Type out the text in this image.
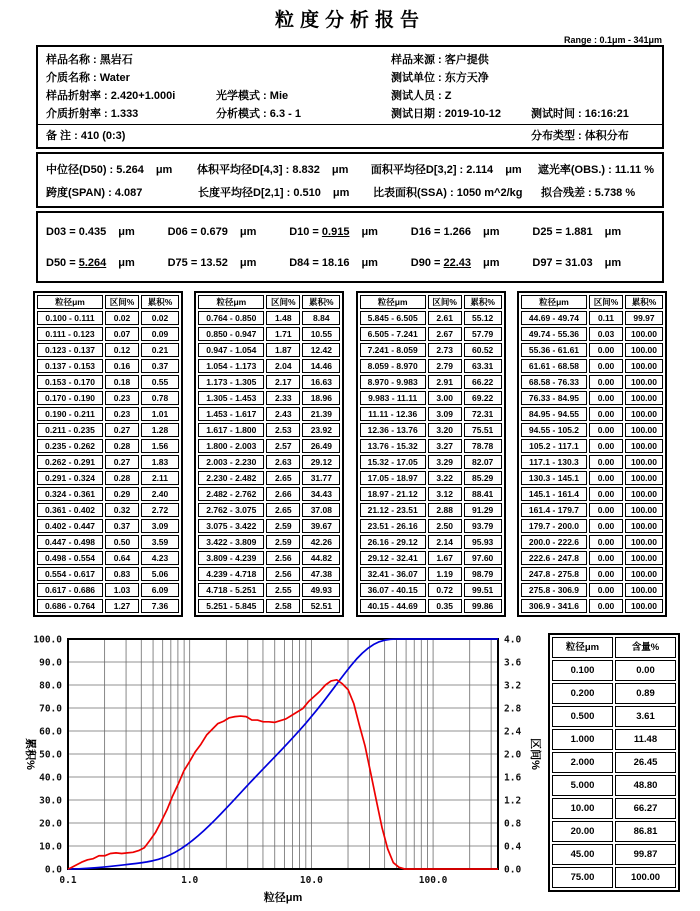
粒度分析报告
Range : 0.1μm - 341μm
样品名称 : 黑岩石	样品来源 : 客户提供
介质名称 : Water	测试单位 : 东方天净
样品折射率 : 2.420+1.000i	光学模式 : Mie	测试人员 : Z
介质折射率 : 1.333	分析模式 : 6.3 - 1	测试日期 : 2019-10-12	测试时间 : 16:16:21
备 注 : 410 (0:3)	分布类型 : 体积分布
中位径(D50) : 5.264 μm	体积平均径D[4,3] : 8.832 μm	面积平均径D[3,2] : 2.114 μm	遮光率(OBS.) : 11.11 %
跨度(SPAN) : 4.087	长度平均径D[2,1] : 0.510 μm	比表面积(SSA) : 1050 m^2/kg	拟合残差 : 5.738 %
D03 = 0.435 μm	D06 = 0.679 μm	D10 = 0.915 μm	D16 = 1.266 μm	D25 = 1.881 μm
D50 = 5.264 μm	D75 = 13.52 μm	D84 = 18.16 μm	D90 = 22.43 μm	D97 = 31.03 μm
粒径μm	区间%	累积%
0.100 - 0.111	0.02	0.02
0.111 - 0.123	0.07	0.09
0.123 - 0.137	0.12	0.21
0.137 - 0.153	0.16	0.37
0.153 - 0.170	0.18	0.55
0.170 - 0.190	0.23	0.78
0.190 - 0.211	0.23	1.01
0.211 - 0.235	0.27	1.28
0.235 - 0.262	0.28	1.56
0.262 - 0.291	0.27	1.83
0.291 - 0.324	0.28	2.11
0.324 - 0.361	0.29	2.40
0.361 - 0.402	0.32	2.72
0.402 - 0.447	0.37	3.09
0.447 - 0.498	0.50	3.59
0.498 - 0.554	0.64	4.23
0.554 - 0.617	0.83	5.06
0.617 - 0.686	1.03	6.09
0.686 - 0.764	1.27	7.36
粒径μm	区间%	累积%
0.764 - 0.850	1.48	8.84
0.850 - 0.947	1.71	10.55
0.947 - 1.054	1.87	12.42
1.054 - 1.173	2.04	14.46
1.173 - 1.305	2.17	16.63
1.305 - 1.453	2.33	18.96
1.453 - 1.617	2.43	21.39
1.617 - 1.800	2.53	23.92
1.800 - 2.003	2.57	26.49
2.003 - 2.230	2.63	29.12
2.230 - 2.482	2.65	31.77
2.482 - 2.762	2.66	34.43
2.762 - 3.075	2.65	37.08
3.075 - 3.422	2.59	39.67
3.422 - 3.809	2.59	42.26
3.809 - 4.239	2.56	44.82
4.239 - 4.718	2.56	47.38
4.718 - 5.251	2.55	49.93
5.251 - 5.845	2.58	52.51
粒径μm	区间%	累积%
5.845 - 6.505	2.61	55.12
6.505 - 7.241	2.67	57.79
7.241 - 8.059	2.73	60.52
8.059 - 8.970	2.79	63.31
8.970 - 9.983	2.91	66.22
9.983 - 11.11	3.00	69.22
11.11 - 12.36	3.09	72.31
12.36 - 13.76	3.20	75.51
13.76 - 15.32	3.27	78.78
15.32 - 17.05	3.29	82.07
17.05 - 18.97	3.22	85.29
18.97 - 21.12	3.12	88.41
21.12 - 23.51	2.88	91.29
23.51 - 26.16	2.50	93.79
26.16 - 29.12	2.14	95.93
29.12 - 32.41	1.67	97.60
32.41 - 36.07	1.19	98.79
36.07 - 40.15	0.72	99.51
40.15 - 44.69	0.35	99.86
粒径μm	区间%	累积%
44.69 - 49.74	0.11	99.97
49.74 - 55.36	0.03	100.00
55.36 - 61.61	0.00	100.00
61.61 - 68.58	0.00	100.00
68.58 - 76.33	0.00	100.00
76.33 - 84.95	0.00	100.00
84.95 - 94.55	0.00	100.00
94.55 - 105.2	0.00	100.00
105.2 - 117.1	0.00	100.00
117.1 - 130.3	0.00	100.00
130.3 - 145.1	0.00	100.00
145.1 - 161.4	0.00	100.00
161.4 - 179.7	0.00	100.00
179.7 - 200.0	0.00	100.00
200.0 - 222.6	0.00	100.00
222.6 - 247.8	0.00	100.00
247.8 - 275.8	0.00	100.00
275.8 - 306.9	0.00	100.00
306.9 - 341.6	0.00	100.00
0.0
10.0
20.0
30.0
40.0
50.0
60.0
70.0
80.0
90.0
100.0
0.0
0.4
0.8
1.2
1.6
2.0
2.4
2.8
3.2
3.6
4.0
0.1	1.0	10.0	100.0
粒径μm
累积%	区间%
粒径μm	含量%
0.100	0.00
0.200	0.89
0.500	3.61
1.000	11.48
2.000	26.45
5.000	48.80
10.00	66.27
20.00	86.81
45.00	99.87
75.00	100.00
